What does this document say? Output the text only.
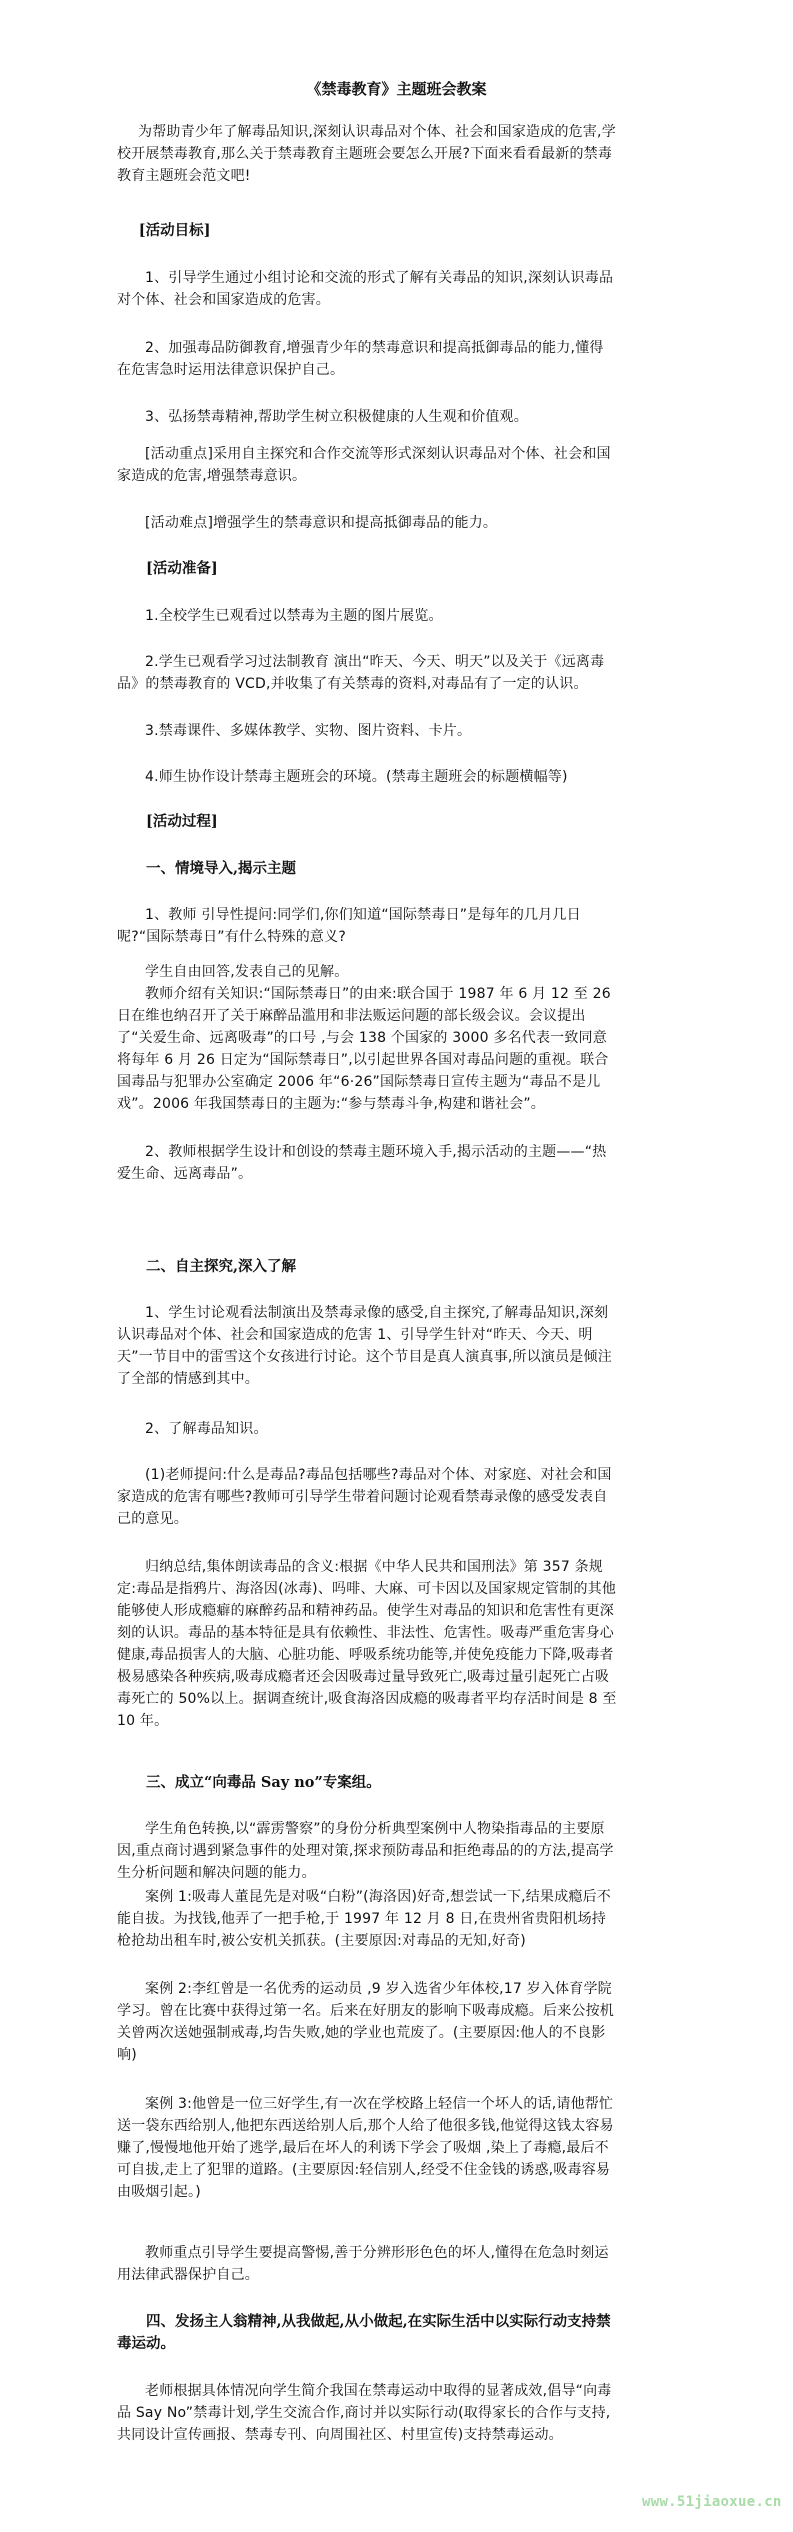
《禁毒教育》主题班会教案

为帮助青少年了解毒品知识,深刻认识毒品对个体、社会和国家造成的危害,学校开展禁毒教育,那么关于禁毒教育主题班会要怎么开展?下面来看看最新的禁毒教育主题班会范文吧!

[活动目标]

1、引导学生通过小组讨论和交流的形式了解有关毒品的知识,深刻认识毒品对个体、社会和国家造成的危害。

2、加强毒品防御教育,增强青少年的禁毒意识和提高抵御毒品的能力,懂得在危害急时运用法律意识保护自己。

3、弘扬禁毒精神,帮助学生树立积极健康的人生观和价值观。

[活动重点]采用自主探究和合作交流等形式深刻认识毒品对个体、社会和国家造成的危害,增强禁毒意识。

[活动难点]增强学生的禁毒意识和提高抵御毒品的能力。

[活动准备]

1.全校学生已观看过以禁毒为主题的图片展览。

2.学生已观看学习过法制教育 演出“昨天、今天、明天”以及关于《远离毒品》的禁毒教育的 VCD,并收集了有关禁毒的资料,对毒品有了一定的认识。

3.禁毒课件、多媒体教学、实物、图片资料、卡片。

4.师生协作设计禁毒主题班会的环境。(禁毒主题班会的标题横幅等)

[活动过程]

一、情境导入,揭示主题

1、教师 引导性提问:同学们,你们知道“国际禁毒日”是每年的几月几日呢?“国际禁毒日”有什么特殊的意义?

学生自由回答,发表自己的见解。

教师介绍有关知识:“国际禁毒日”的由来:联合国于 1987 年 6 月 12 至 26 日在维也纳召开了关于麻醉品滥用和非法贩运问题的部长级会议。会议提出了“关爱生命、远离吸毒”的口号 ,与会 138 个国家的 3000 多名代表一致同意将每年 6 月 26 日定为“国际禁毒日”,以引起世界各国对毒品问题的重视。联合国毒品与犯罪办公室确定 2006 年“6·26”国际禁毒日宣传主题为“毒品不是儿戏”。2006 年我国禁毒日的主题为:“参与禁毒斗争,构建和谐社会”。

2、教师根据学生设计和创设的禁毒主题环境入手,揭示活动的主题——“热爱生命、远离毒品”。

二、自主探究,深入了解

1、学生讨论观看法制演出及禁毒录像的感受,自主探究,了解毒品知识,深刻认识毒品对个体、社会和国家造成的危害 1、引导学生针对“昨天、今天、明天”一节目中的雷雪这个女孩进行讨论。这个节目是真人演真事,所以演员是倾注了全部的情感到其中。

2、了解毒品知识。

(1)老师提问:什么是毒品?毒品包括哪些?毒品对个体、对家庭、对社会和国家造成的危害有哪些?教师可引导学生带着问题讨论观看禁毒录像的感受发表自己的意见。

归纳总结,集体朗读毒品的含义:根据《中华人民共和国刑法》第 357 条规定:毒品是指鸦片、海洛因(冰毒)、吗啡、大麻、可卡因以及国家规定管制的其他能够使人形成瘾癖的麻醉药品和精神药品。使学生对毒品的知识和危害性有更深刻的认识。毒品的基本特征是具有依赖性、非法性、危害性。吸毒严重危害身心健康,毒品损害人的大脑、心脏功能、呼吸系统功能等,并使免疫能力下降,吸毒者极易感染各种疾病,吸毒成瘾者还会因吸毒过量导致死亡,吸毒过量引起死亡占吸毒死亡的 50%以上。据调查统计,吸食海洛因成瘾的吸毒者平均存活时间是 8 至 10 年。

三、成立“向毒品 Say no”专案组。

学生角色转换,以“霹雳警察”的身份分析典型案例中人物染指毒品的主要原因,重点商讨遇到紧急事件的处理对策,探求预防毒品和拒绝毒品的的方法,提高学生分析问题和解决问题的能力。

案例 1:吸毒人董昆先是对吸“白粉”(海洛因)好奇,想尝试一下,结果成瘾后不能自拔。为找钱,他弄了一把手枪,于 1997 年 12 月 8 日,在贵州省贵阳机场持枪抢劫出租车时,被公安机关抓获。(主要原因:对毒品的无知,好奇)

案例 2:李红曾是一名优秀的运动员 ,9 岁入选省少年体校,17 岁入体育学院学习。曾在比赛中获得过第一名。后来在好朋友的影响下吸毒成瘾。后来公按机关曾两次送她强制戒毒,均告失败,她的学业也荒废了。(主要原因:他人的不良影响)

案例 3:他曾是一位三好学生,有一次在学校路上轻信一个坏人的话,请他帮忙送一袋东西给别人,他把东西送给别人后,那个人给了他很多钱,他觉得这钱太容易赚了,慢慢地他开始了逃学,最后在坏人的利诱下学会了吸烟 ,染上了毒瘾,最后不可自拔,走上了犯罪的道路。(主要原因:轻信别人,经受不住金钱的诱惑,吸毒容易由吸烟引起。)

教师重点引导学生要提高警惕,善于分辨形形色色的坏人,懂得在危急时刻运用法律武器保护自己。

四、发扬主人翁精神,从我做起,从小做起,在实际生活中以实际行动支持禁毒运动。

老师根据具体情况向学生简介我国在禁毒运动中取得的显著成效,倡导“向毒品 Say No”禁毒计划,学生交流合作,商讨并以实际行动(取得家长的合作与支持,共同设计宣传画报、禁毒专刊、向周围社区、村里宣传)支持禁毒运动。

www.51jiaoxue.cn
